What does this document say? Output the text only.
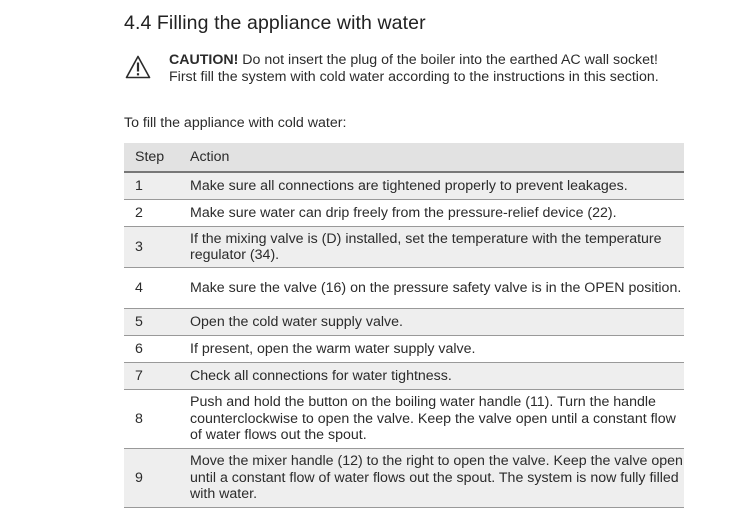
4.4 Filling the appliance with water
CAUTION! Do not insert the plug of the boiler into the earthed AC wall socket! First fill the system with cold water according to the instructions in this section.
To fill the appliance with cold water:
Step	Action
1	Make sure all connections are tightened properly to prevent leakages.
2	Make sure water can drip freely from the pressure-relief device (22).
3	If the mixing valve is (D) installed, set the temperature with the temperature regulator (34).
4	Make sure the valve (16) on the pressure safety valve is in the OPEN position.
5	Open the cold water supply valve.
6	If present, open the warm water supply valve.
7	Check all connections for water tightness.
8	Push and hold the button on the boiling water handle (11). Turn the handle counterclockwise to open the valve. Keep the valve open until a constant flow of water flows out the spout.
9	Move the mixer handle (12) to the right to open the valve. Keep the valve open until a constant flow of water flows out the spout. The system is now fully filled with water.
